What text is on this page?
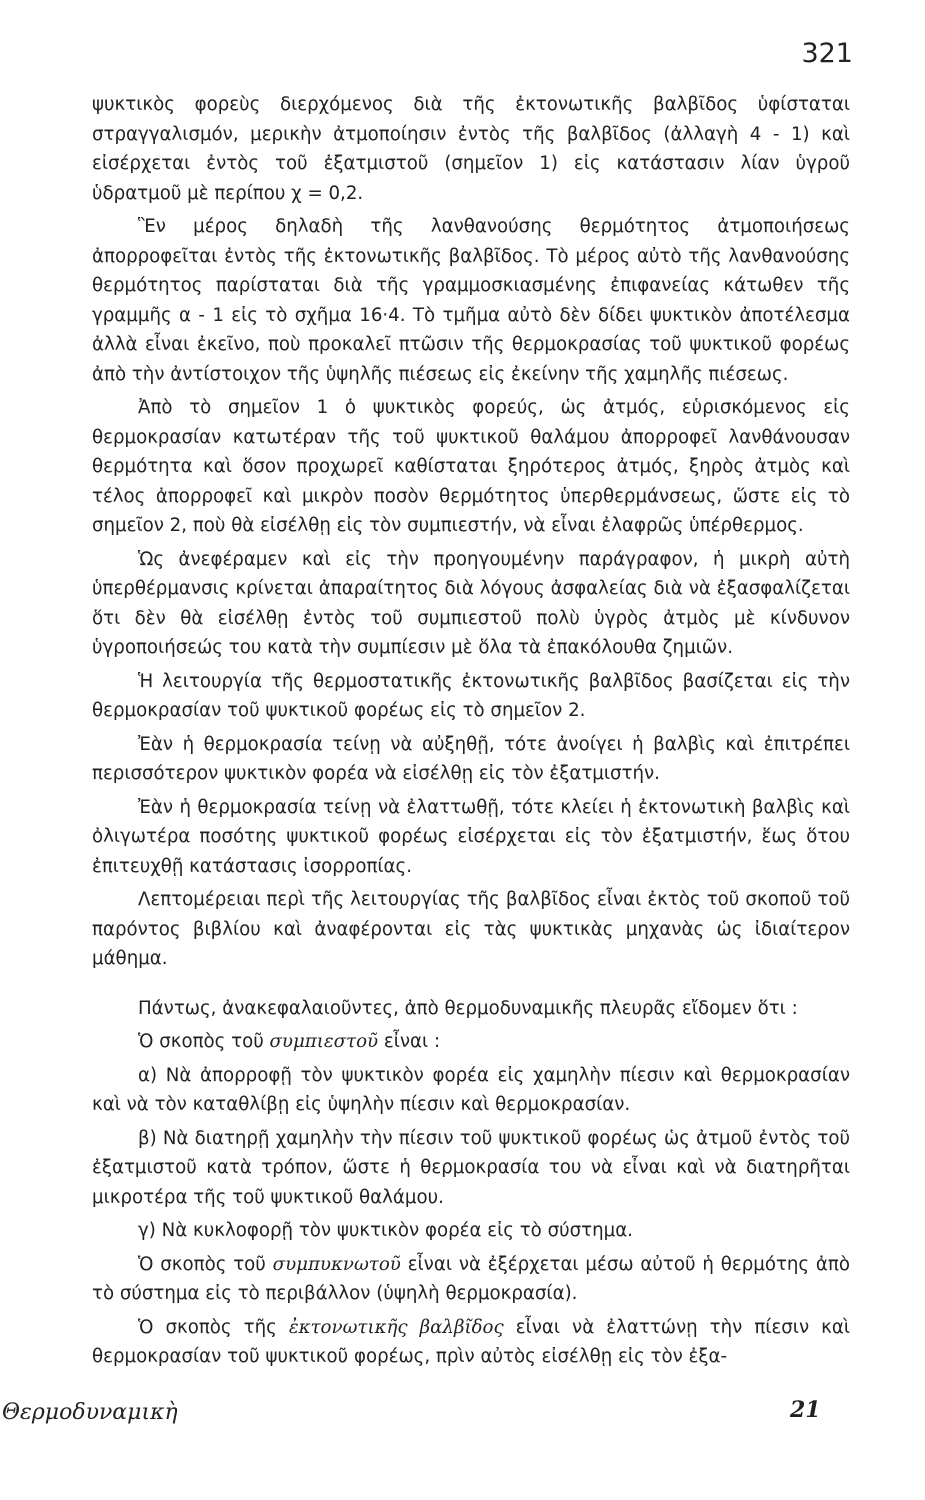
321

ψυκτικὸς φορεὺς διερχόμενος διὰ τῆς ἐκτονωτικῆς βαλβῖδος ὑφίσταται στραγγαλισμόν, μερικὴν ἀτμοποίησιν ἐντὸς τῆς βαλβῖδος (ἀλλαγὴ 4 - 1) καὶ εἰσέρχεται ἐντὸς τοῦ ἐξατμιστοῦ (σημεῖον 1) εἰς κατάστασιν λίαν ὑγροῦ ὑδρατμοῦ μὲ περίπου χ = 0,2.

Ἓν μέρος δηλαδὴ τῆς λανθανούσης θερμότητος ἀτμοποιήσεως ἀπορροφεῖται ἐντὸς τῆς ἐκτονωτικῆς βαλβῖδος. Τὸ μέρος αὐτὸ τῆς λανθανούσης θερμότητος παρίσταται διὰ τῆς γραμμοσκιασμένης ἐπιφανείας κάτωθεν τῆς γραμμῆς α - 1 εἰς τὸ σχῆμα 16·4. Τὸ τμῆμα αὐτὸ δὲν δίδει ψυκτικὸν ἀποτέλεσμα ἀλλὰ εἶναι ἐκεῖνο, ποὺ προκαλεῖ πτῶσιν τῆς θερμοκρασίας τοῦ ψυκτικοῦ φορέως ἀπὸ τὴν ἀντίστοιχον τῆς ὑψηλῆς πιέσεως εἰς ἐκείνην τῆς χαμηλῆς πιέσεως.

Ἀπὸ τὸ σημεῖον 1 ὁ ψυκτικὸς φορεύς, ὡς ἀτμός, εὑρισκόμενος εἰς θερμοκρασίαν κατωτέραν τῆς τοῦ ψυκτικοῦ θαλάμου ἀπορροφεῖ λανθάνουσαν θερμότητα καὶ ὅσον προχωρεῖ καθίσταται ξηρότερος ἀτμός, ξηρὸς ἀτμὸς καὶ τέλος ἀπορροφεῖ καὶ μικρὸν ποσὸν θερμότητος ὑπερθερμάνσεως, ὥστε εἰς τὸ σημεῖον 2, ποὺ θὰ εἰσέλθῃ εἰς τὸν συμπιεστήν, νὰ εἶναι ἐλαφρῶς ὑπέρθερμος.

Ὡς ἀνεφέραμεν καὶ εἰς τὴν προηγουμένην παράγραφον, ἡ μικρὴ αὐτὴ ὑπερθέρμανσις κρίνεται ἀπαραίτητος διὰ λόγους ἀσφαλείας διὰ νὰ ἐξασφαλίζεται ὅτι δὲν θὰ εἰσέλθῃ ἐντὸς τοῦ συμπιεστοῦ πολὺ ὑγρὸς ἀτμὸς μὲ κίνδυνον ὑγροποιήσεώς του κατὰ τὴν συμπίεσιν μὲ ὅλα τὰ ἐπακόλουθα ζημιῶν.

Ἡ λειτουργία τῆς θερμοστατικῆς ἐκτονωτικῆς βαλβῖδος βασίζεται εἰς τὴν θερμοκρασίαν τοῦ ψυκτικοῦ φορέως εἰς τὸ σημεῖον 2.

Ἐὰν ἡ θερμοκρασία τείνῃ νὰ αὐξηθῇ, τότε ἀνοίγει ἡ βαλβὶς καὶ ἐπιτρέπει περισσότερον ψυκτικὸν φορέα νὰ εἰσέλθῃ εἰς τὸν ἐξατμιστήν.

Ἐὰν ἡ θερμοκρασία τείνῃ νὰ ἐλαττωθῇ, τότε κλείει ἡ ἐκτονωτικὴ βαλβὶς καὶ ὀλιγωτέρα ποσότης ψυκτικοῦ φορέως εἰσέρχεται εἰς τὸν ἐξατμιστήν, ἕως ὅτου ἐπιτευχθῇ κατάστασις ἰσορροπίας.

Λεπτομέρειαι περὶ τῆς λειτουργίας τῆς βαλβῖδος εἶναι ἐκτὸς τοῦ σκοποῦ τοῦ παρόντος βιβλίου καὶ ἀναφέρονται εἰς τὰς ψυκτικὰς μηχανὰς ὡς ἰδιαίτερον μάθημα.

Πάντως, ἀνακεφαλαιοῦντες, ἀπὸ θερμοδυναμικῆς πλευρᾶς εἴδομεν ὅτι :

Ὁ σκοπὸς τοῦ συμπιεστοῦ εἶναι :

α) Νὰ ἀπορροφῇ τὸν ψυκτικὸν φορέα εἰς χαμηλὴν πίεσιν καὶ θερμοκρασίαν καὶ νὰ τὸν καταθλίβῃ εἰς ὑψηλὴν πίεσιν καὶ θερμοκρασίαν.

β) Νὰ διατηρῇ χαμηλὴν τὴν πίεσιν τοῦ ψυκτικοῦ φορέως ὡς ἀτμοῦ ἐντὸς τοῦ ἐξατμιστοῦ κατὰ τρόπον, ὥστε ἡ θερμοκρασία του νὰ εἶναι καὶ νὰ διατηρῆται μικροτέρα τῆς τοῦ ψυκτικοῦ θαλάμου.

γ) Νὰ κυκλοφορῇ τὸν ψυκτικὸν φορέα εἰς τὸ σύστημα.

Ὁ σκοπὸς τοῦ συμπυκνωτοῦ εἶναι νὰ ἐξέρχεται μέσω αὐτοῦ ἡ θερμότης ἀπὸ τὸ σύστημα εἰς τὸ περιβάλλον (ὑψηλὴ θερμοκρασία).

Ὁ σκοπὸς τῆς ἐκτονωτικῆς βαλβῖδος εἶναι νὰ ἐλαττώνῃ τὴν πίεσιν καὶ θερμοκρασίαν τοῦ ψυκτικοῦ φορέως, πρὶν αὐτὸς εἰσέλθῃ εἰς τὸν ἐξα-

Θερμοδυναμικὴ	21
